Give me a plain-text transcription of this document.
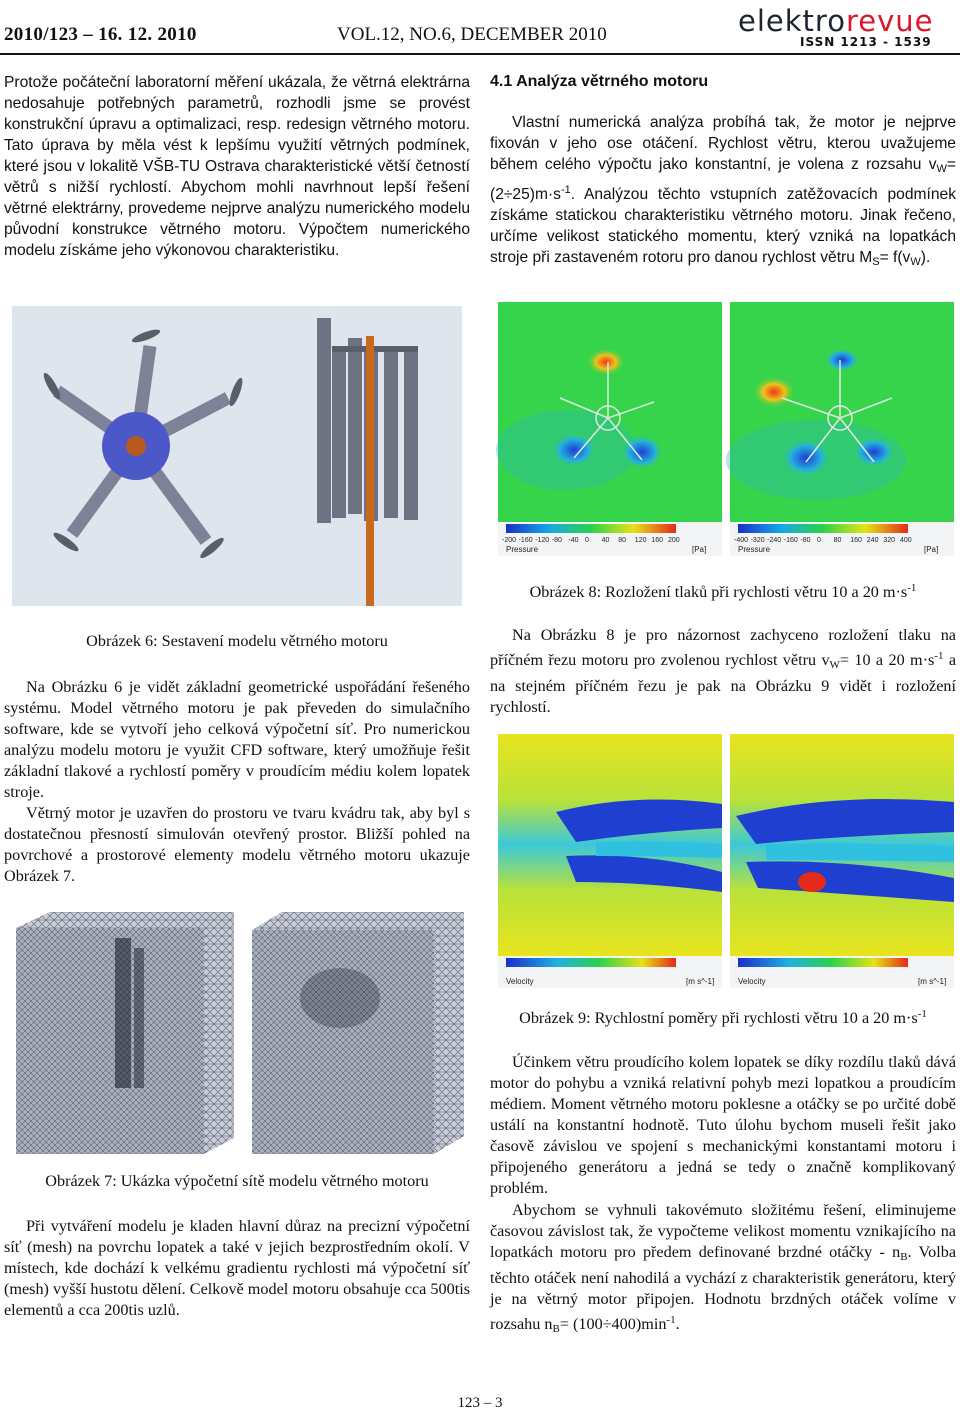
2010/123 – 16. 12. 2010	VOL.12, NO.6, DECEMBER 2010	elektrorevue
ISSN 1213 - 1539
Protože počáteční laboratorní měření ukázala, že větrná elektrárna nedosahuje potřebných parametrů, rozhodli jsme se provést konstrukční úpravu a optimalizaci, resp. redesign větrného motoru. Tato úprava by měla vést k lepšímu využití větrných podmínek, které jsou v lokalitě VŠB-TU Ostrava charakteristické větší četností větrů s nižší rychlostí. Abychom mohli navrhnout lepší řešení větrné elektrárny, provedeme nejprve analýzu numerického modelu původní konstrukce větrného motoru. Výpočtem numerického modelu získáme jeho výkonovou charakteristiku.
Obrázek 6: Sestavení modelu větrného motoru
Na Obrázku 6 je vidět základní geometrické uspořádání řešeného systému. Model větrného motoru je pak převeden do simulačního software, kde se vytvoří jeho celková výpočetní síť. Pro numerickou analýzu modelu motoru je využit CFD software, který umožňuje řešit základní tlakové a rychlostí poměry v proudícím médiu kolem lopatek stroje.
Větrný motor je uzavřen do prostoru ve tvaru kvádru tak, aby byl s dostatečnou přesností simulován otevřený prostor. Bližší pohled na povrchové a prostorové elementy modelu větrného motoru ukazuje Obrázek 7.
Obrázek 7: Ukázka výpočetní sítě modelu větrného motoru
Při vytváření modelu je kladen hlavní důraz na precizní výpočetní síť (mesh) na povrchu lopatek a také v jejich bezprostředním okolí. V místech, kde dochází k velkému gradientu rychlosti má výpočetní síť (mesh) vyšší hustotu dělení. Celkově model motoru obsahuje cca 500tis elementů a cca 200tis uzlů.
4.1 Analýza větrného motoru
Vlastní numerická analýza probíhá tak, že motor je nejprve fixován v jeho ose otáčení. Rychlost větru, kterou uvažujeme během celého výpočtu jako konstantní, je volena z rozsahu $v_W= (2\div 25)m\cdot s^{-1}$. Analýzou těchto vstupních zatěžovacích podmínek získáme statickou charakteristiku větrného motoru. Jinak řečeno, určíme velikost statického momentu, který vzniká na lopatkách stroje při zastaveném rotoru pro danou rychlost větru $M_S= f(v_W)$.
-200 -160 -120 -80 -40 0 40 80 120 160 200
Pressure	[Pa]
-400 -320 -240 -160 -80 0 80 160 240 320 400
Pressure	[Pa]
Obrázek 8: Rozložení tlaků při rychlosti větru 10 a 20 $m\cdot s^{-1}$
Na Obrázku 8 je pro názornost zachyceno rozložení tlaku na příčném řezu motoru pro zvolenou rychlost větru $v_W= 10$ a 20 $m\cdot s^{-1}$ a na stejném příčném řezu je pak na Obrázku 9 vidět i rozložení rychlostí.
Velocity	[m s^-1]	Velocity	[m s^-1]
Obrázek 9: Rychlostní poměry při rychlosti větru 10 a 20 $m\cdot s^{-1}$
Účinkem větru proudícího kolem lopatek se díky rozdílu tlaků dává motor do pohybu a vzniká relativní pohyb mezi lopatkou a proudícím médiem. Moment větrného motoru poklesne a otáčky se po určité době ustálí na konstantní hodnotě. Tuto úlohu bychom museli řešit jako časově závislou ve spojení s mechanickými konstantami motoru i připojeného generátoru a jedná se tedy o značně komplikovaný problém.
Abychom se vyhnuli takovémuto složitému řešení, eliminujeme časovou závislost tak, že vypočteme velikost momentu vznikajícího na lopatkách motoru pro předem definované brzdné otáčky - $n_B$. Volba těchto otáček není nahodilá a vychází z charakteristik generátoru, který je na větrný motor připojen. Hodnotu brzdných otáček volíme v rozsahu $n_B= (100\div 400)\min^{-1}$.
123 – 3
